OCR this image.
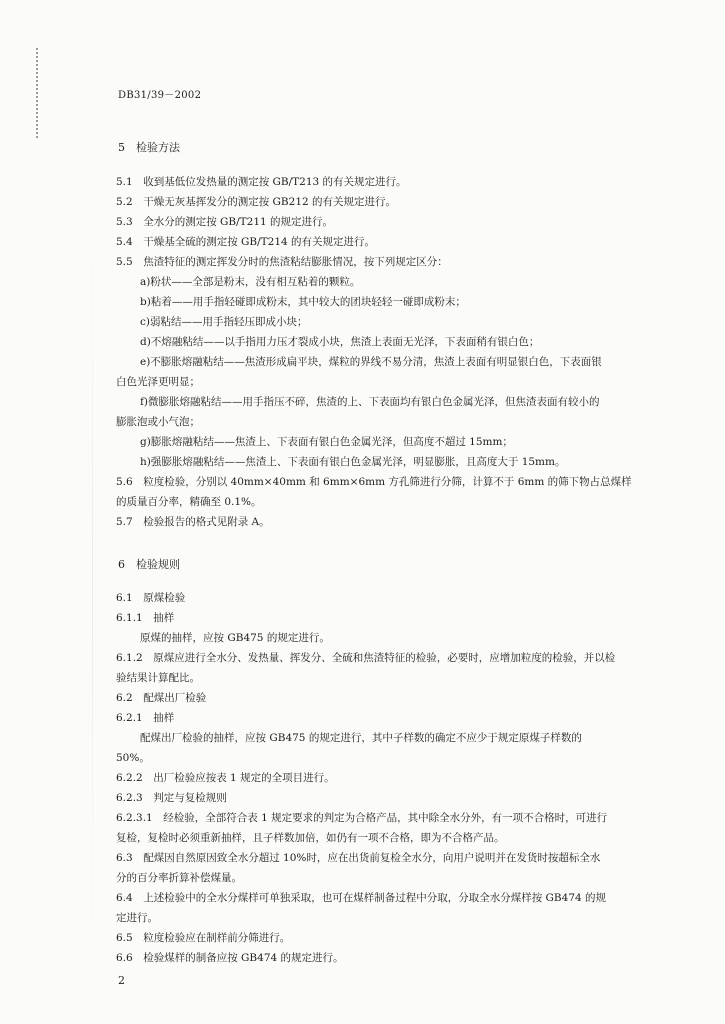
DB31/39－2002
5　检验方法
5.1　收到基低位发热量的测定按 GB/T213 的有关规定进行。
5.2　干燥无灰基挥发分的测定按 GB212 的有关规定进行。
5.3　全水分的测定按 GB/T211 的规定进行。
5.4　干燥基全硫的测定按 GB/T214 的有关规定进行。
5.5　焦渣特征的测定挥发分时的焦渣粘结膨胀情况，按下列规定区分：
a)粉状——全部是粉末，没有相互粘着的颗粒。
b)粘着——用手指轻碰即成粉末，其中较大的团块轻轻一碰即成粉末；
c)弱粘结——用手指轻压即成小块；
d)不熔融粘结——以手指用力压才裂成小块，焦渣上表面无光泽，下表面稍有银白色；
e)不膨胀熔融粘结——焦渣形成扁平块，煤粒的界线不易分清，焦渣上表面有明显银白色，下表面银
白色光泽更明显；
f)微膨胀熔融粘结——用手指压不碎，焦渣的上、下表面均有银白色金属光泽，但焦渣表面有较小的
膨胀泡或小气泡；
g)膨胀熔融粘结——焦渣上、下表面有银白色金属光泽，但高度不超过 15mm；
h)强膨胀熔融粘结——焦渣上、下表面有银白色金属光泽，明显膨胀，且高度大于 15mm。
5.6　粒度检验，分别以 40mm×40mm 和 6mm×6mm 方孔筛进行分筛，计算不于 6mm 的筛下物占总煤样
的质量百分率，精确至 0.1%。
5.7　检验报告的格式见附录 A。
6　检验规则
6.1　原煤检验
6.1.1　抽样
原煤的抽样，应按 GB475 的规定进行。
6.1.2　原煤应进行全水分、发热量、挥发分、全硫和焦渣特征的检验，必要时，应增加粒度的检验，并以检
验结果计算配比。
6.2　配煤出厂检验
6.2.1　抽样
配煤出厂检验的抽样，应按 GB475 的规定进行，其中子样数的确定不应少于规定原煤子样数的
50%。
6.2.2　出厂检验应按表 1 规定的全项目进行。
6.2.3　判定与复检规则
6.2.3.1　经检验，全部符合表 1 规定要求的判定为合格产品，其中除全水分外，有一项不合格时，可进行
复检，复检时必须重新抽样，且子样数加倍，如仍有一项不合格，即为不合格产品。
6.3　配煤因自然原因致全水分超过 10%时，应在出货前复检全水分，向用户说明并在发货时按超标全水
分的百分率折算补偿煤量。
6.4　上述检验中的全水分煤样可单独采取，也可在煤样制备过程中分取，分取全水分煤样按 GB474 的规
定进行。
6.5　粒度检验应在制样前分筛进行。
6.6　检验煤样的制备应按 GB474 的规定进行。
2
